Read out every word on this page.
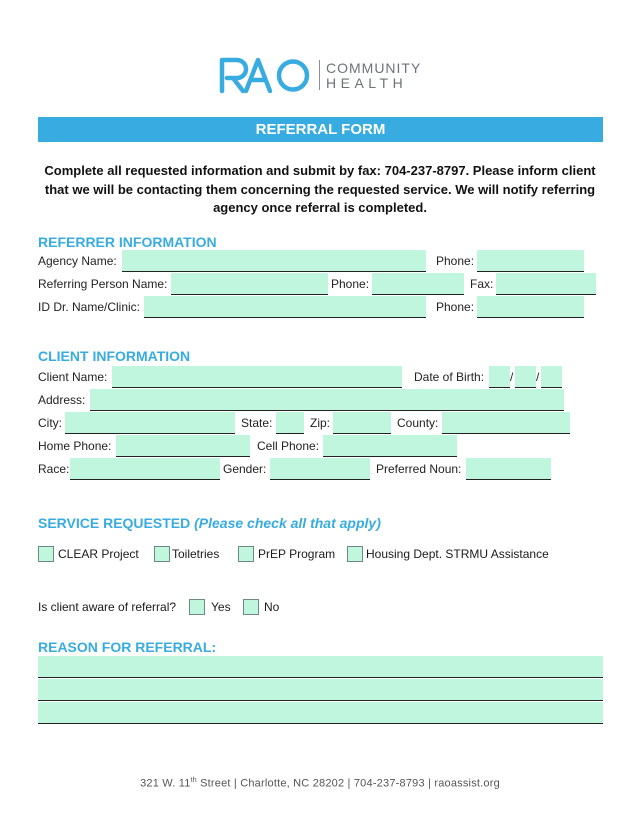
COMMUNITY
HEALTH
REFERRAL FORM
Complete all requested information and submit by fax: 704-237-8797. Please inform client that we will be contacting them concerning the requested service. We will notify referring agency once referral is completed.
REFERRER INFORMATION
Agency Name:	Phone:
Referring Person Name:	Phone:	Fax:
ID Dr. Name/Clinic:	Phone:
CLIENT INFORMATION
Client Name:	Date of Birth: / /
Address:
City:	State:	Zip:	County:
Home Phone:	Cell Phone:
Race:	Gender:	Preferred Noun:
SERVICE REQUESTED (Please check all that apply)
CLEAR Project	Toiletries	PrEP Program	Housing Dept. STRMU Assistance
Is client aware of referral?	Yes	No
REASON FOR REFERRAL:
321 W. 11th Street | Charlotte, NC 28202 | 704-237-8793 | raoassist.org
